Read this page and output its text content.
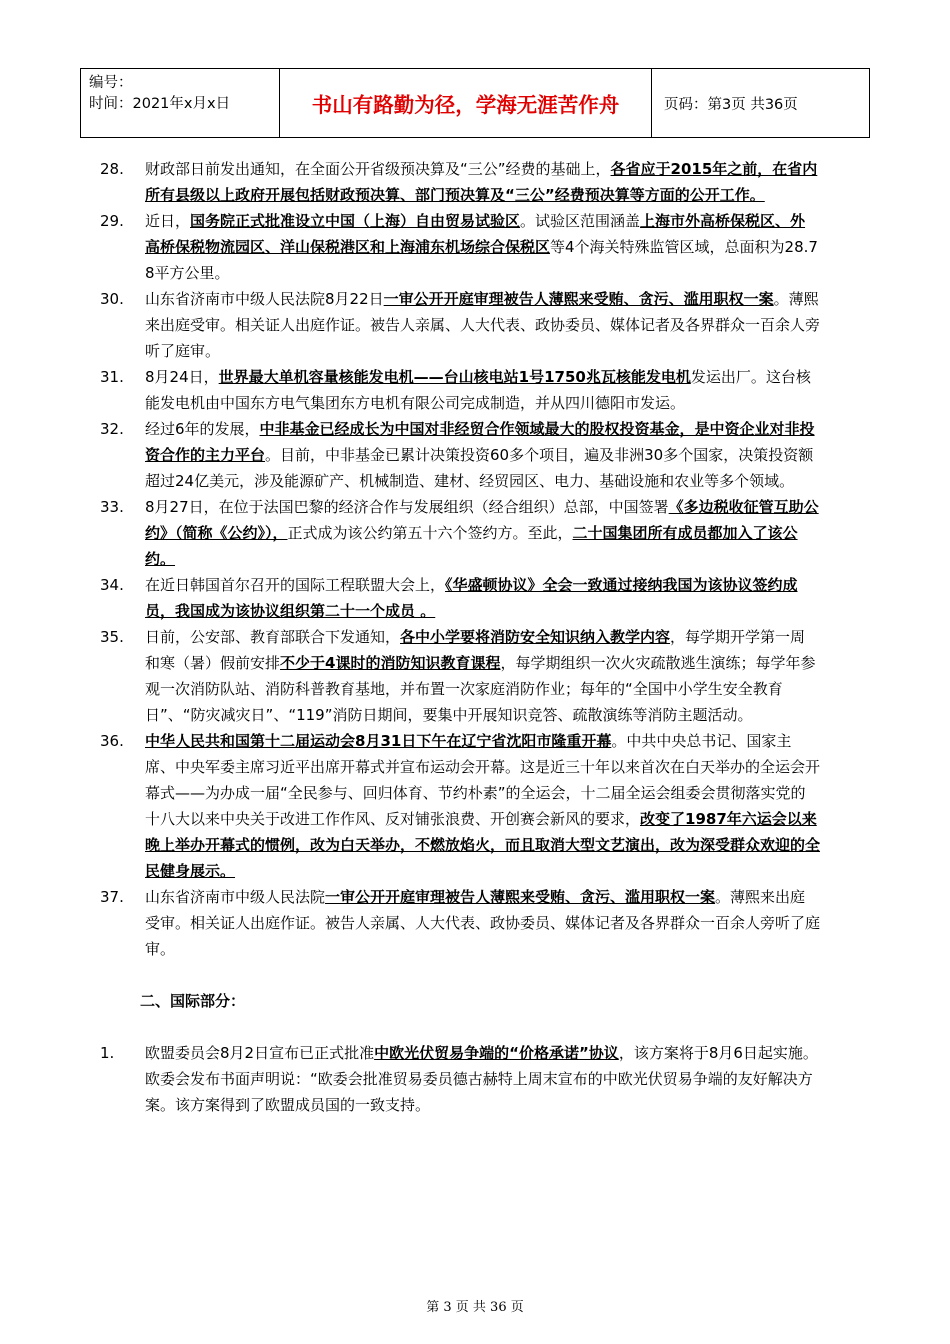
编号：
时间：2021年x月x日	书山有路勤为径，学海无涯苦作舟	页码：第3页 共36页
28.	财政部日前发出通知，在全面公开省级预决算及“三公”经费的基础上，各省应于2015年之前，在省内所有县级以上政府开展包括财政预决算、部门预决算及“三公”经费预决算等方面的公开工作。
29.	近日，国务院正式批准设立中国（上海）自由贸易试验区。试验区范围涵盖上海市外高桥保税区、外高桥保税物流园区、洋山保税港区和上海浦东机场综合保税区等4个海关特殊监管区域，总面积为28.78平方公里。
30.	山东省济南市中级人民法院8月22日一审公开开庭审理被告人薄熙来受贿、贪污、滥用职权一案。薄熙来出庭受审。相关证人出庭作证。被告人亲属、人大代表、政协委员、媒体记者及各界群众一百余人旁听了庭审。
31.	8月24日，世界最大单机容量核能发电机——台山核电站1号1750兆瓦核能发电机发运出厂。这台核能发电机由中国东方电气集团东方电机有限公司完成制造，并从四川德阳市发运。
32.	经过6年的发展，中非基金已经成长为中国对非经贸合作领域最大的股权投资基金，是中资企业对非投资合作的主力平台。目前，中非基金已累计决策投资60多个项目，遍及非洲30多个国家，决策投资额超过24亿美元，涉及能源矿产、机械制造、建材、经贸园区、电力、基础设施和农业等多个领域。
33.	8月27日，在位于法国巴黎的经济合作与发展组织（经合组织）总部，中国签署《多边税收征管互助公约》（简称《公约》），正式成为该公约第五十六个签约方。至此，二十国集团所有成员都加入了该公约。
34.	在近日韩国首尔召开的国际工程联盟大会上，《华盛顿协议》全会一致通过接纳我国为该协议签约成员，我国成为该协议组织第二十一个成员 。
35.	日前，公安部、教育部联合下发通知，各中小学要将消防安全知识纳入教学内容，每学期开学第一周和寒（暑）假前安排不少于4课时的消防知识教育课程，每学期组织一次火灾疏散逃生演练；每学年参观一次消防队站、消防科普教育基地，并布置一次家庭消防作业；每年的“全国中小学生安全教育日”、“防灾减灾日”、“119”消防日期间，要集中开展知识竞答、疏散演练等消防主题活动。
36.	中华人民共和国第十二届运动会8月31日下午在辽宁省沈阳市隆重开幕。中共中央总书记、国家主席、中央军委主席习近平出席开幕式并宣布运动会开幕。这是近三十年以来首次在白天举办的全运会开幕式——为办成一届“全民参与、回归体育、节约朴素”的全运会，十二届全运会组委会贯彻落实党的十八大以来中央关于改进工作作风、反对铺张浪费、开创赛会新风的要求，改变了1987年六运会以来晚上举办开幕式的惯例，改为白天举办，不燃放焰火，而且取消大型文艺演出，改为深受群众欢迎的全民健身展示。
37.	山东省济南市中级人民法院一审公开开庭审理被告人薄熙来受贿、贪污、滥用职权一案。薄熙来出庭受审。相关证人出庭作证。被告人亲属、人大代表、政协委员、媒体记者及各界群众一百余人旁听了庭审。
二、国际部分：
1.	欧盟委员会8月2日宣布已正式批准中欧光伏贸易争端的“价格承诺”协议，该方案将于8月6日起实施。欧委会发布书面声明说：“欧委会批准贸易委员德古赫特上周末宣布的中欧光伏贸易争端的友好解决方案。该方案得到了欧盟成员国的一致支持。
第 3 页 共 36 页
